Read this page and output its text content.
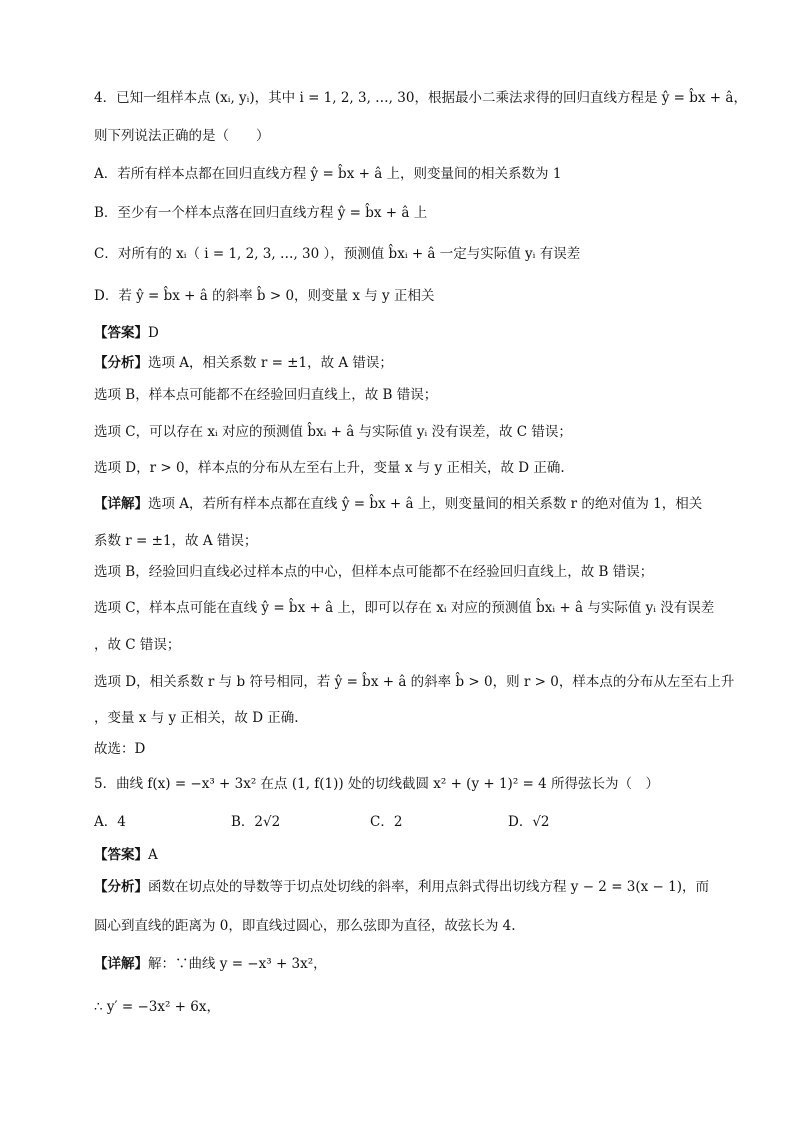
4．已知一组样本点 (xᵢ, yᵢ)，其中 i = 1, 2, 3, …, 30，根据最小二乘法求得的回归直线方程是 ŷ = b̂x + â，
则下列说法正确的是（　　）
A．若所有样本点都在回归直线方程 ŷ = b̂x + â 上，则变量间的相关系数为 1
B．至少有一个样本点落在回归直线方程 ŷ = b̂x + â 上
C．对所有的 xᵢ（ i = 1, 2, 3, …, 30 ），预测值 b̂xᵢ + â 一定与实际值 yᵢ 有误差
D．若 ŷ = b̂x + â 的斜率 b̂ > 0，则变量 x 与 y 正相关
【答案】D
【分析】选项 A，相关系数 r = ±1，故 A 错误；
选项 B，样本点可能都不在经验回归直线上，故 B 错误；
选项 C，可以存在 xᵢ 对应的预测值 b̂xᵢ + â 与实际值 yᵢ 没有误差，故 C 错误；
选项 D，r > 0，样本点的分布从左至右上升，变量 x 与 y 正相关，故 D 正确.
【详解】选项 A，若所有样本点都在直线 ŷ = b̂x + â 上，则变量间的相关系数 r 的绝对值为 1，相关
系数 r = ±1，故 A 错误；
选项 B，经验回归直线必过样本点的中心，但样本点可能都不在经验回归直线上，故 B 错误；
选项 C，样本点可能在直线 ŷ = b̂x + â 上，即可以存在 xᵢ 对应的预测值 b̂xᵢ + â 与实际值 yᵢ 没有误差
，故 C 错误；
选项 D，相关系数 r 与 b 符号相同，若 ŷ = b̂x + â 的斜率 b̂ > 0，则 r > 0，样本点的分布从左至右上升
，变量 x 与 y 正相关，故 D 正确.
故选：D
5．曲线 f(x) = −x³ + 3x² 在点 (1, f(1)) 处的切线截圆 x² + (y + 1)² = 4 所得弦长为（　）
【答案】A
【分析】函数在切点处的导数等于切点处切线的斜率，利用点斜式得出切线方程 y − 2 = 3(x − 1)，而
圆心到直线的距离为 0，即直线过圆心，那么弦即为直径，故弦长为 4.
【详解】解：∵曲线 y = −x³ + 3x²，
∴ y′ = −3x² + 6x，
A．4	B．2√2	C．2	D．√2
